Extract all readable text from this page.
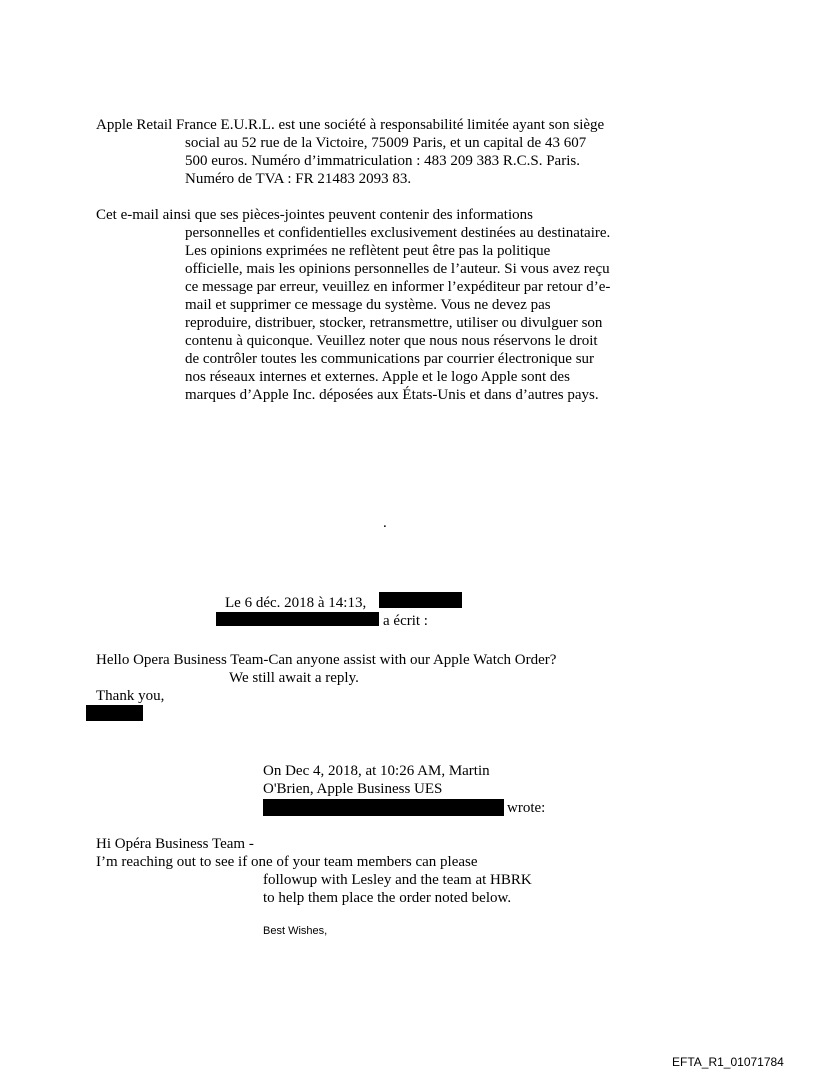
Apple Retail France E.U.R.L. est une société à responsabilité limitée ayant son siège
social au 52 rue de la Victoire, 75009 Paris, et un capital de 43 607
500 euros. Numéro d’immatriculation : 483 209 383 R.C.S. Paris.
Numéro de TVA : FR 21483 2093 83.
Cet e-mail ainsi que ses pièces-jointes peuvent contenir des informations
personnelles et confidentielles exclusivement destinées au destinataire.
Les opinions exprimées ne reflètent peut être pas la politique
officielle, mais les opinions personnelles de l’auteur. Si vous avez reçu
ce message par erreur, veuillez en informer l’expéditeur par retour d’e-
mail et supprimer ce message du système. Vous ne devez pas
reproduire, distribuer, stocker, retransmettre, utiliser ou divulguer son
contenu à quiconque. Veuillez noter que nous nous réservons le droit
de contrôler toutes les communications par courrier électronique sur
nos réseaux internes et externes. Apple et le logo Apple sont des
marques d’Apple Inc. déposées aux États-Unis et dans d’autres pays.
.
Le 6 déc. 2018 à 14:13,
a écrit :
Hello Opera Business Team-Can anyone assist with our Apple Watch Order?
We still await a reply.
Thank you,
On Dec 4, 2018, at 10:26 AM, Martin
O'Brien, Apple Business UES
wrote:
Hi Opéra Business Team -
I’m reaching out to see if one of your team members can please
followup with Lesley and the team at HBRK
to help them place the order noted below.
Best Wishes,
EFTA_R1_01071784
